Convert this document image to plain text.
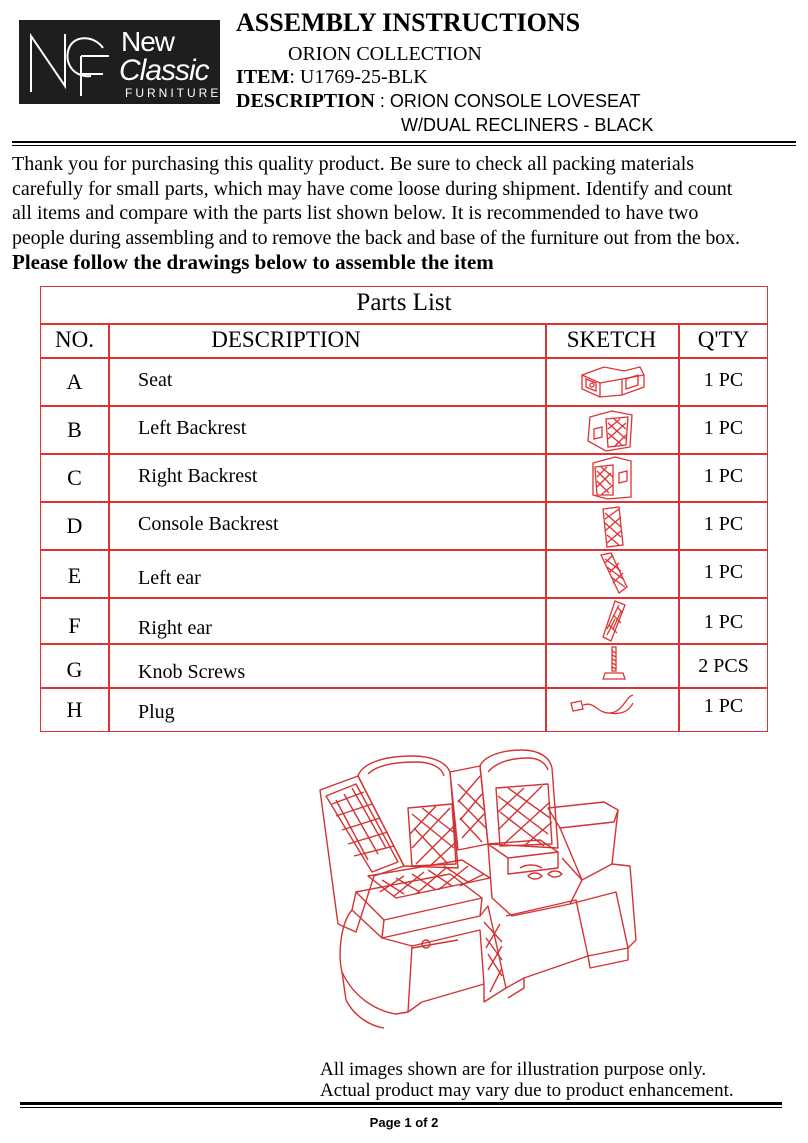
New
Classic
FURNITURE
ASSEMBLY INSTRUCTIONS
ORION COLLECTION
ITEM: U1769-25-BLK
DESCRIPTION : ORION CONSOLE LOVESEAT
W/DUAL RECLINERS - BLACK
Thank you for purchasing this quality product. Be sure to check all packing materials
carefully for small parts, which may have come loose during shipment. Identify and count
all items and compare with the parts list shown below. It is recommended to have two
people during assembling and to remove the back and base of the furniture out from the box.
Please follow the drawings below to assemble the item
Parts List
NO.	DESCRIPTION	SKETCH	Q'TY
A	Seat	1 PC
B	Left Backrest	1 PC
C	Right Backrest	1 PC
D	Console Backrest	1 PC
E	Left ear	1 PC
F	Right ear	1 PC
G	Knob Screws	2 PCS
H	Plug	1 PC
All images shown are for illustration purpose only.
Actual product may vary due to product enhancement.
Page 1 of 2
